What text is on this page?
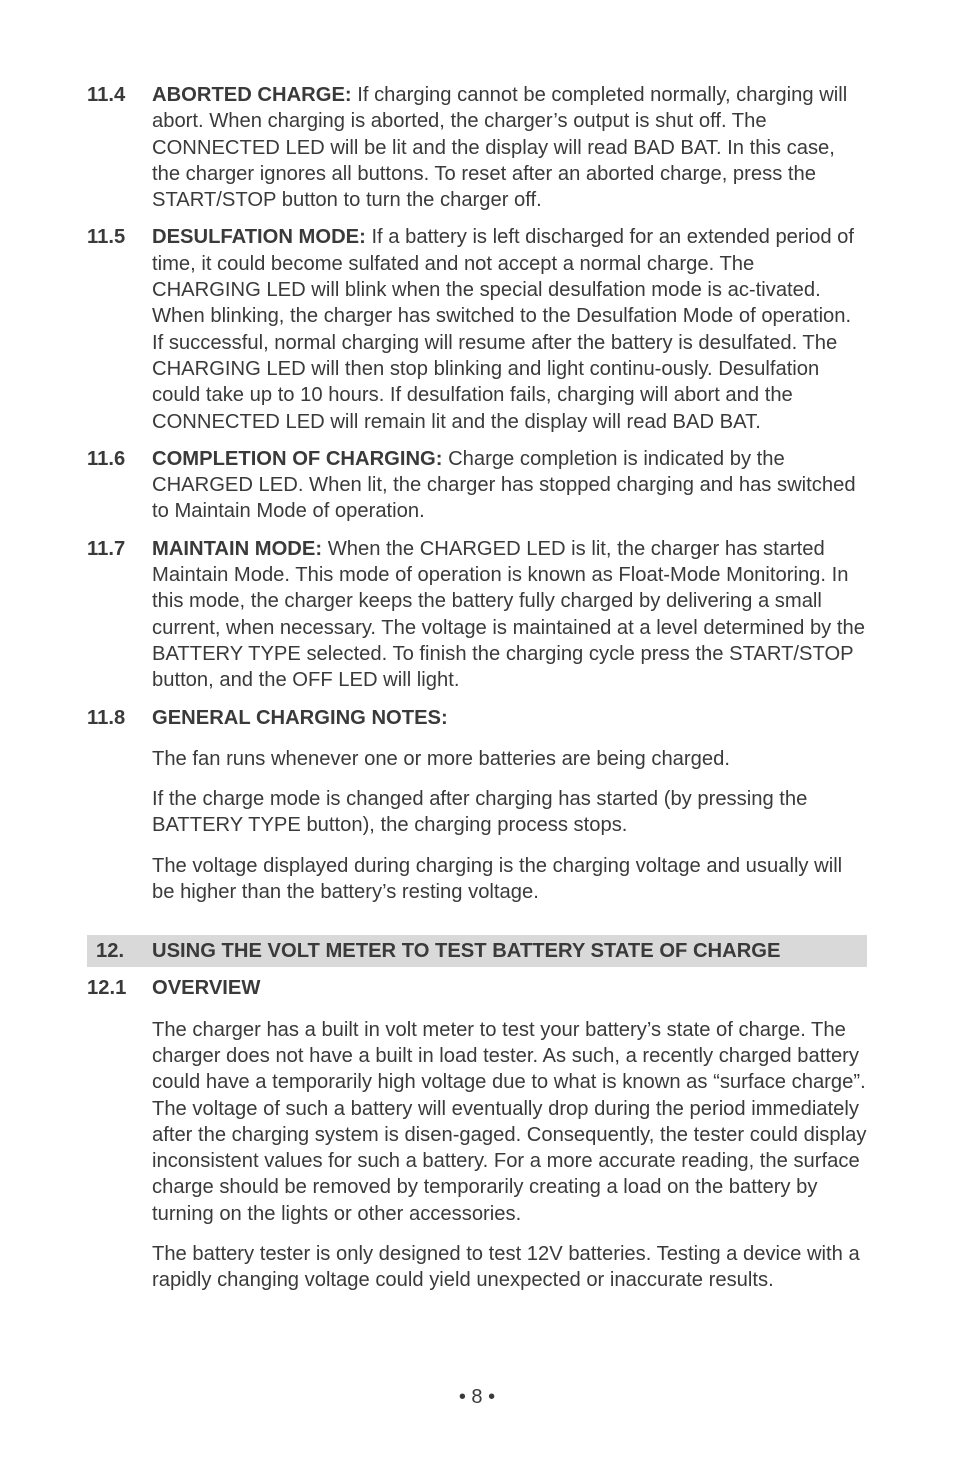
11.4	ABORTED CHARGE: If charging cannot be completed normally, charging will abort. When charging is aborted, the charger’s output is shut off. The CONNECTED LED will be lit and the display will read BAD BAT. In this case, the charger ignores all buttons. To reset after an aborted charge, press the START/STOP button to turn the charger off.
11.5	DESULFATION MODE: If a battery is left discharged for an extended period of time, it could become sulfated and not accept a normal charge. The CHARGING LED will blink when the special desulfation mode is ac-tivated. When blinking, the charger has switched to the Desulfation Mode of operation. If successful, normal charging will resume after the battery is desulfated. The CHARGING LED will then stop blinking and light continu-ously. Desulfation could take up to 10 hours. If desulfation fails, charging will abort and the CONNECTED LED will remain lit and the display will read BAD BAT.
11.6	COMPLETION OF CHARGING: Charge completion is indicated by the CHARGED LED. When lit, the charger has stopped charging and has switched to Maintain Mode of operation.
11.7	MAINTAIN MODE: When the CHARGED LED is lit, the charger has started Maintain Mode. This mode of operation is known as Float-Mode Monitoring. In this mode, the charger keeps the battery fully charged by delivering a small current, when necessary. The voltage is maintained at a level determined by the BATTERY TYPE selected. To finish the charging cycle press the START/STOP button, and the OFF LED will light.
11.8	GENERAL CHARGING NOTES:
The fan runs whenever one or more batteries are being charged.
If the charge mode is changed after charging has started (by pressing the BATTERY TYPE button), the charging process stops.
The voltage displayed during charging is the charging voltage and usually will be higher than the battery’s resting voltage.
12.	USING THE VOLT METER TO TEST BATTERY STATE OF CHARGE
12.1	OVERVIEW
The charger has a built in volt meter to test your battery’s state of charge. The charger does not have a built in load tester. As such, a recently charged battery could have a temporarily high voltage due to what is known as “surface charge”. The voltage of such a battery will eventually drop during the period immediately after the charging system is disen-gaged. Consequently, the tester could display inconsistent values for such a battery. For a more accurate reading, the surface charge should be removed by temporarily creating a load on the battery by turning on the lights or other accessories.
The battery tester is only designed to test 12V batteries. Testing a device with a rapidly changing voltage could yield unexpected or inaccurate results.
• 8 •
